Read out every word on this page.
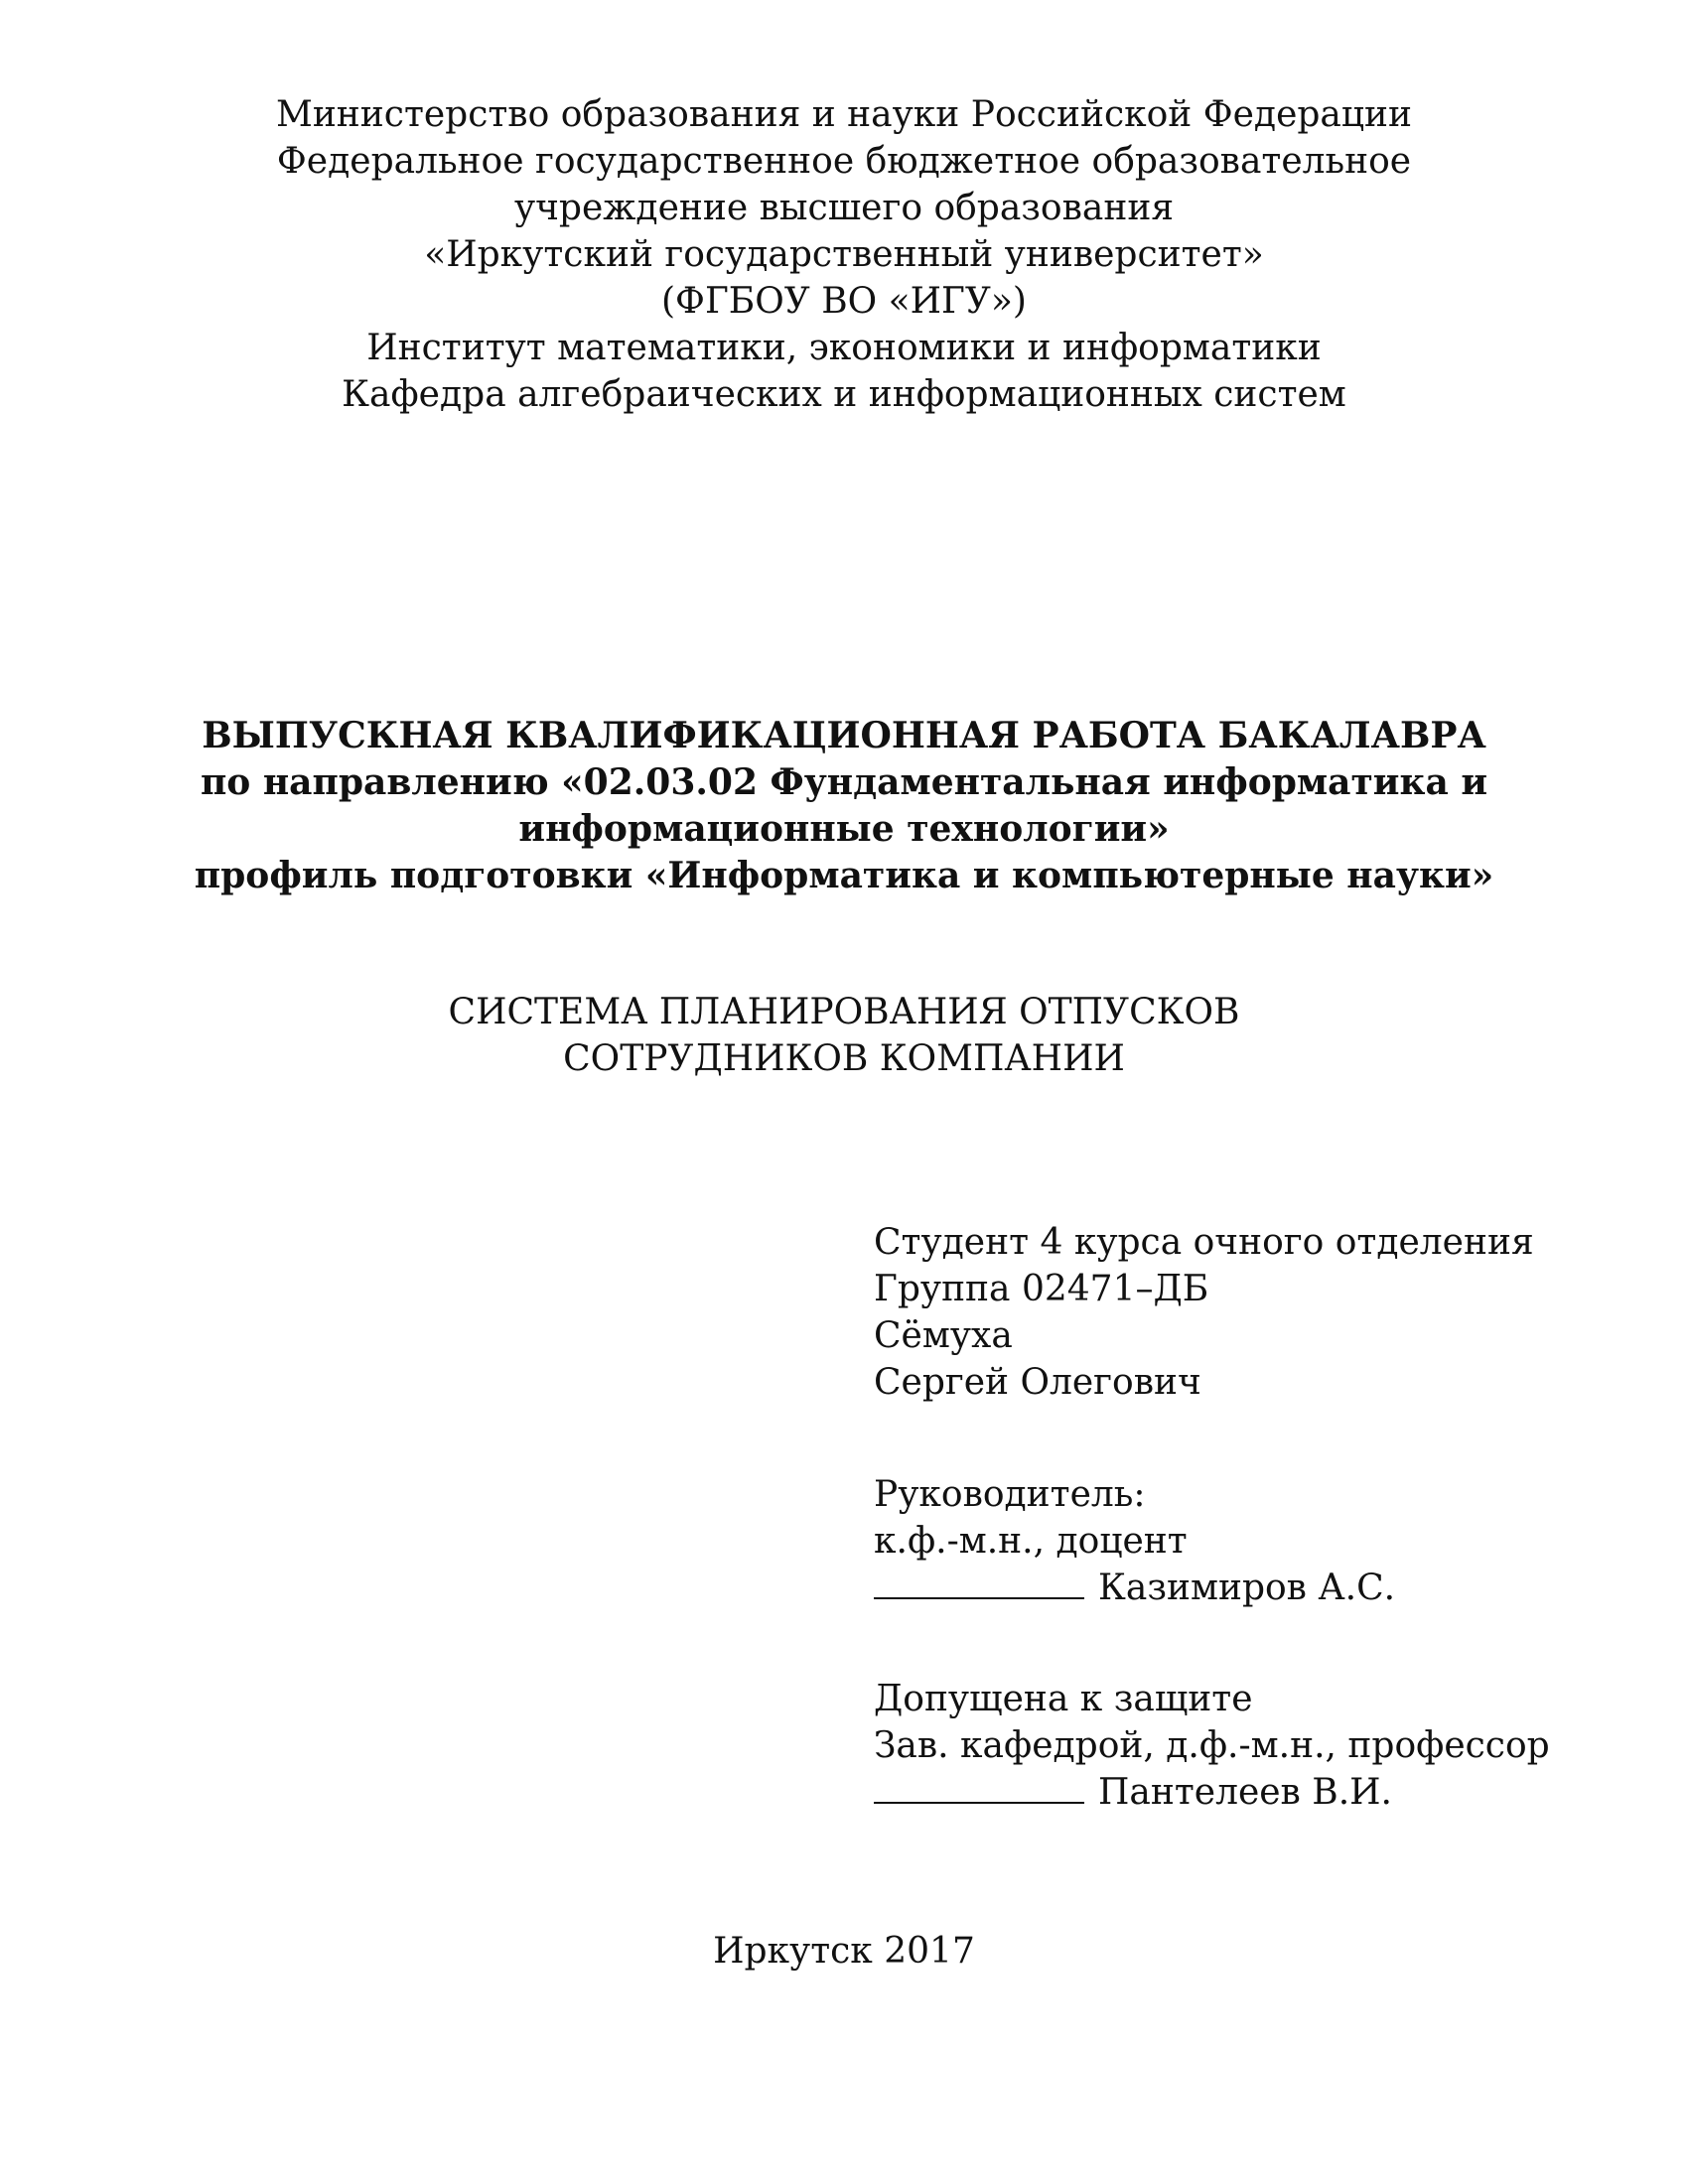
Министерство образования и науки Российской Федерации
Федеральное государственное бюджетное образовательное
учреждение высшего образования
«Иркутский государственный университет»
(ФГБОУ ВО «ИГУ»)
Институт математики, экономики и информатики
Кафедра алгебраических и информационных систем
ВЫПУСКНАЯ КВАЛИФИКАЦИОННАЯ РАБОТА БАКАЛАВРА
по направлению «02.03.02 Фундаментальная информатика и
информационные технологии»
профиль подготовки «Информатика и компьютерные науки»
СИСТЕМА ПЛАНИРОВАНИЯ ОТПУСКОВ
СОТРУДНИКОВ КОМПАНИИ
Студент 4 курса очного отделения
Группа 02471–ДБ
Сёмуха
Сергей Олегович
Руководитель:
к.ф.-м.н., доцент
Казимиров А.С.
Допущена к защите
Зав. кафедрой, д.ф.-м.н., профессор
Пантелеев В.И.
Иркутск 2017
